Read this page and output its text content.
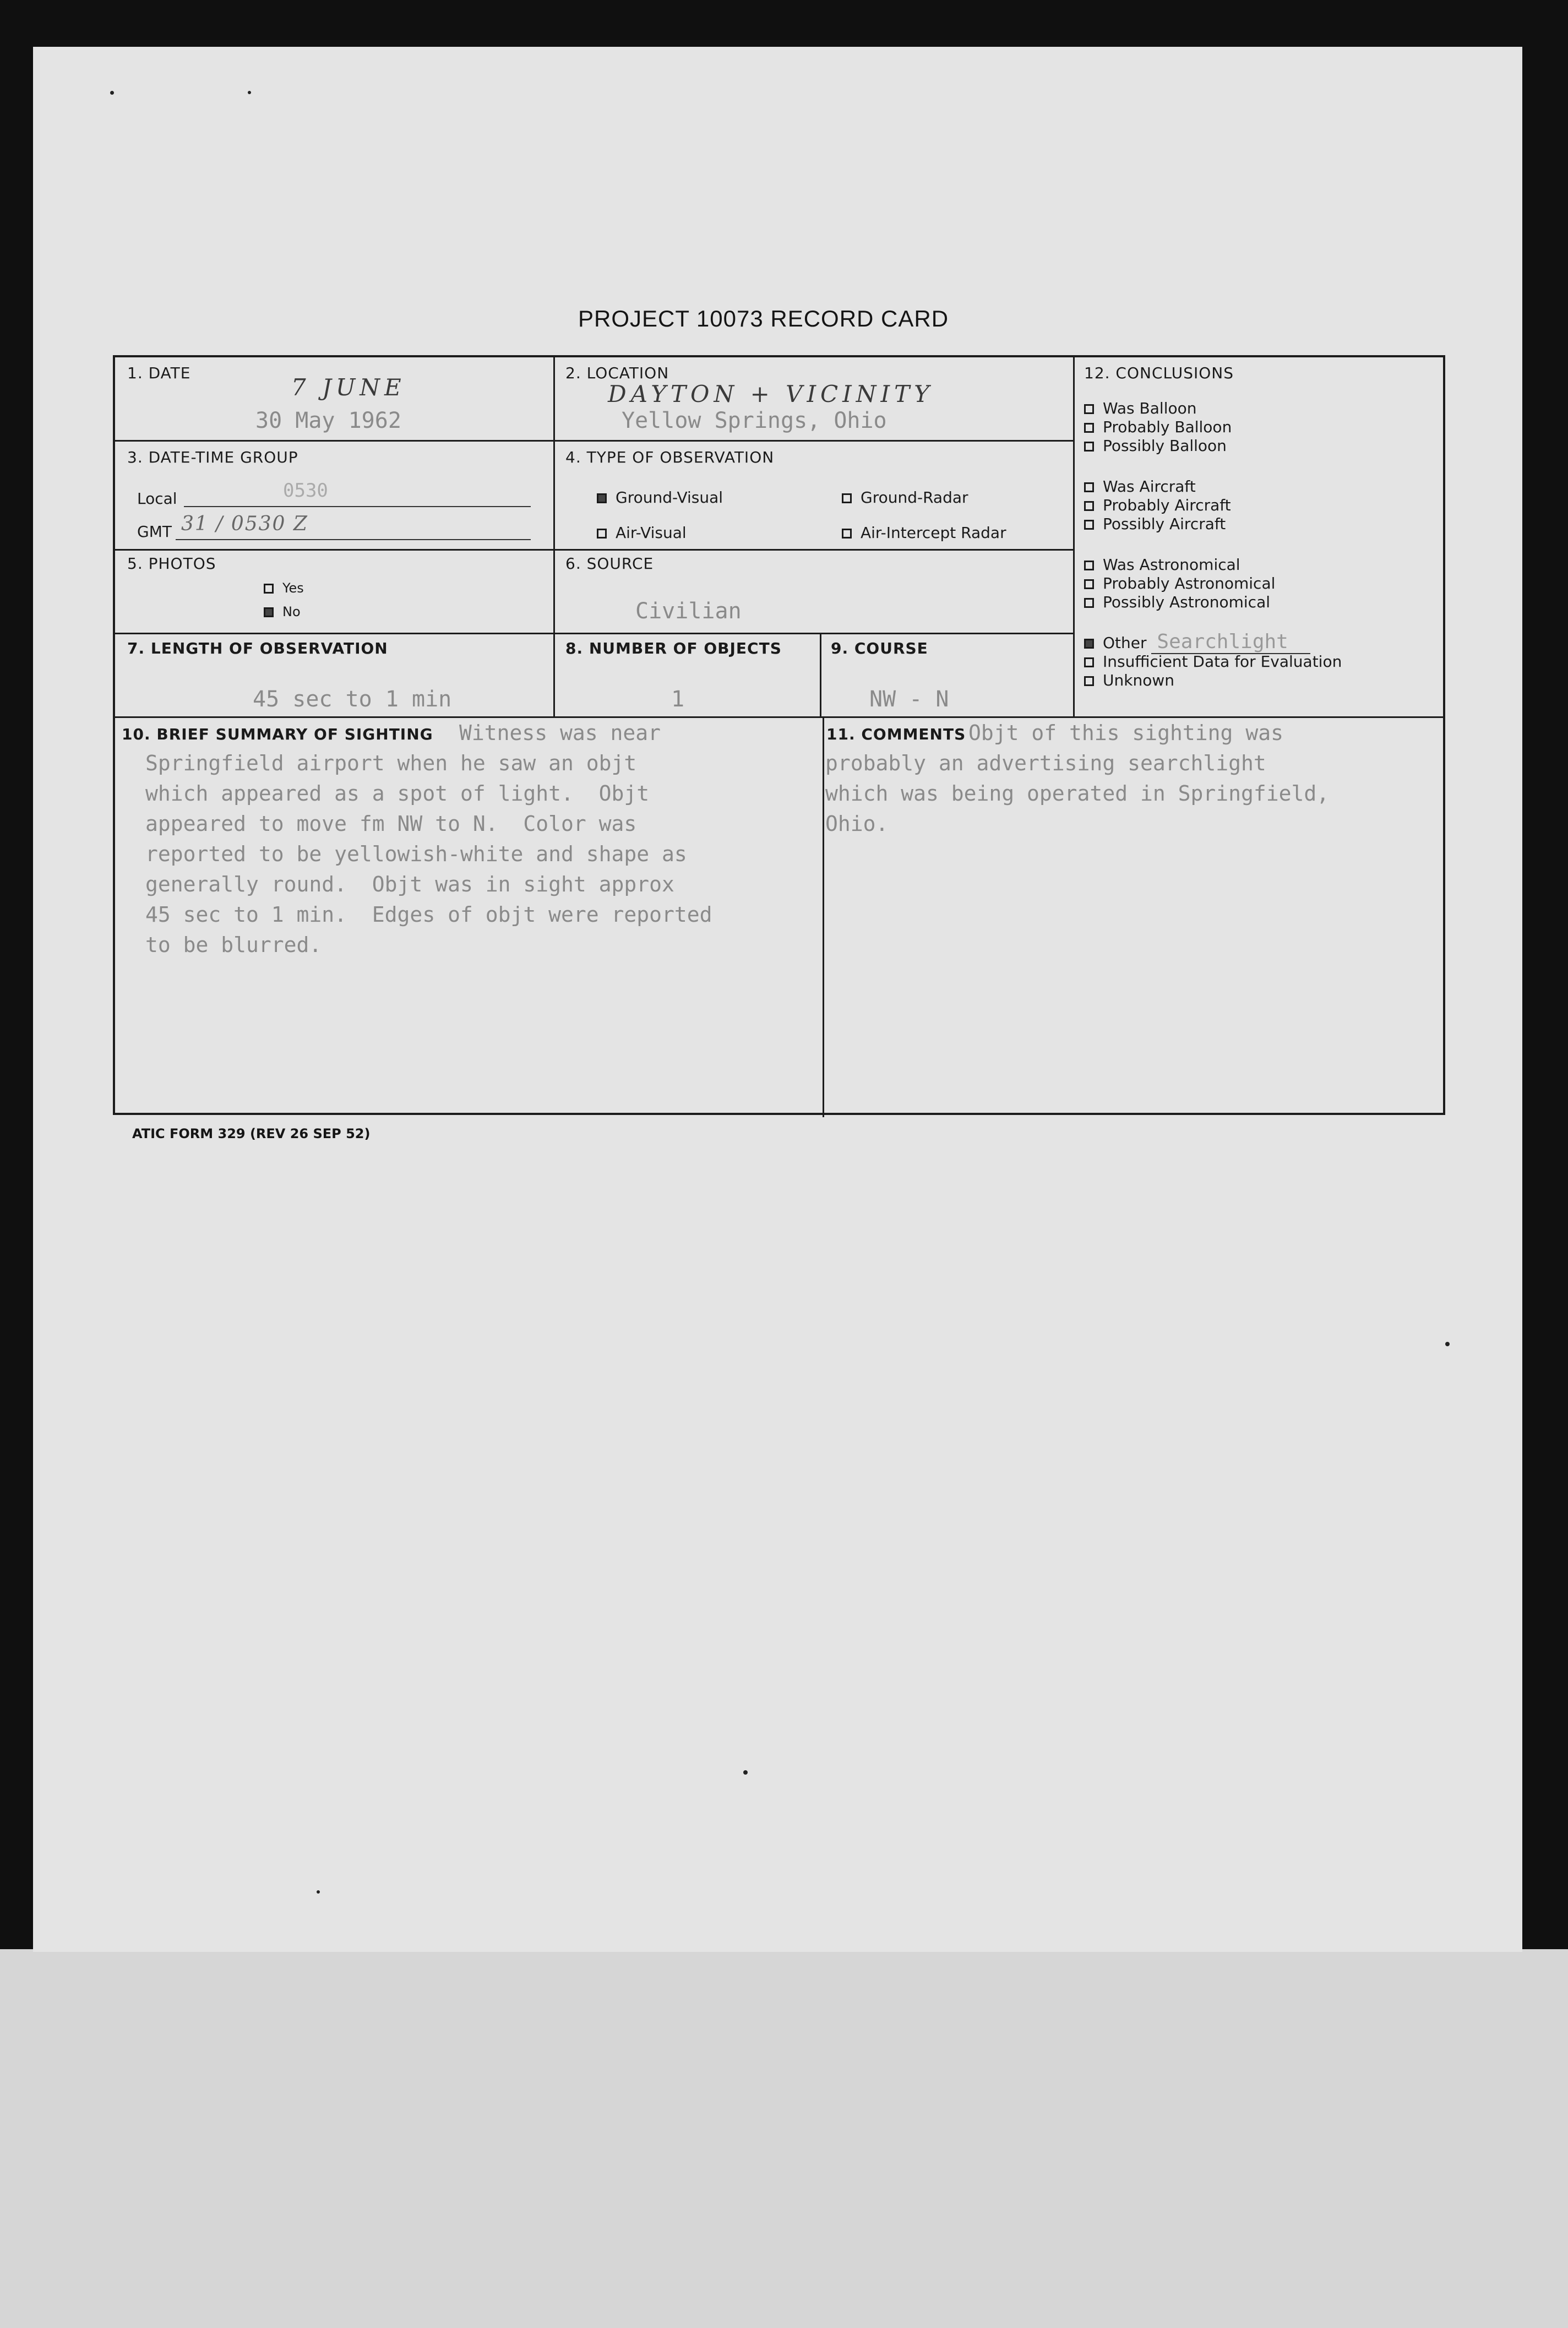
PROJECT 10073 RECORD CARD
1. DATE
7 JUNE
30 May 1962
2. LOCATION
DAYTON + VICINITY
Yellow Springs, Ohio
3. DATE-TIME GROUP
Local	0530
GMT 31 / 0530 Z
4. TYPE OF OBSERVATION
Ground-Visual	Ground-Radar
Air-Visual	Air-Intercept Radar
5. PHOTOS
Yes
No
6. SOURCE
Civilian
7. LENGTH OF OBSERVATION
45 sec to 1 min
8. NUMBER OF OBJECTS
1
9. COURSE
NW - N
12. CONCLUSIONS
Was Balloon
Probably Balloon
Possibly Balloon
Was Aircraft
Probably Aircraft
Possibly Aircraft
Was Astronomical
Probably Astronomical
Possibly Astronomical
Other Searchlight
Insufficient Data for Evaluation
Unknown
10. BRIEF SUMMARY OF SIGHTING Witness was near
Springfield airport when he saw an objt
which appeared as a spot of light.  Objt
appeared to move fm NW to N.  Color was
reported to be yellowish-white and shape as
generally round.  Objt was in sight approx
45 sec to 1 min.  Edges of objt were reported
to be blurred.
11. COMMENTS Objt of this sighting was
probably an advertising searchlight
which was being operated in Springfield,
Ohio.
ATIC FORM 329 (REV 26 SEP 52)
